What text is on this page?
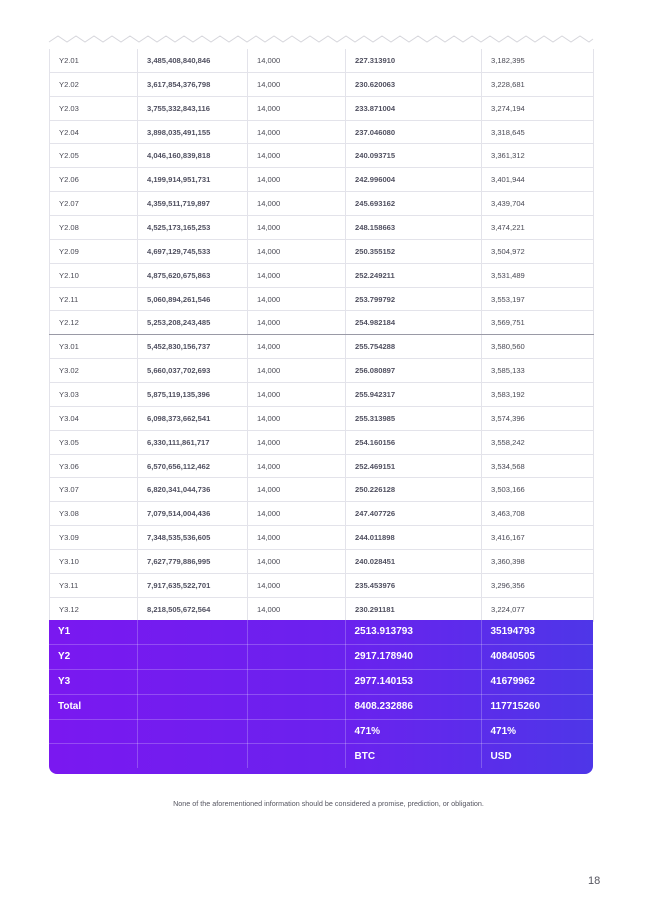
Y2.01	3,485,408,840,846	14,000	227.313910	3,182,395
Y2.02	3,617,854,376,798	14,000	230.620063	3,228,681
Y2.03	3,755,332,843,116	14,000	233.871004	3,274,194
Y2.04	3,898,035,491,155	14,000	237.046080	3,318,645
Y2.05	4,046,160,839,818	14,000	240.093715	3,361,312
Y2.06	4,199,914,951,731	14,000	242.996004	3,401,944
Y2.07	4,359,511,719,897	14,000	245.693162	3,439,704
Y2.08	4,525,173,165,253	14,000	248.158663	3,474,221
Y2.09	4,697,129,745,533	14,000	250.355152	3,504,972
Y2.10	4,875,620,675,863	14,000	252.249211	3,531,489
Y2.11	5,060,894,261,546	14,000	253.799792	3,553,197
Y2.12	5,253,208,243,485	14,000	254.982184	3,569,751
Y3.01	5,452,830,156,737	14,000	255.754288	3,580,560
Y3.02	5,660,037,702,693	14,000	256.080897	3,585,133
Y3.03	5,875,119,135,396	14,000	255.942317	3,583,192
Y3.04	6,098,373,662,541	14,000	255.313985	3,574,396
Y3.05	6,330,111,861,717	14,000	254.160156	3,558,242
Y3.06	6,570,656,112,462	14,000	252.469151	3,534,568
Y3.07	6,820,341,044,736	14,000	250.226128	3,503,166
Y3.08	7,079,514,004,436	14,000	247.407726	3,463,708
Y3.09	7,348,535,536,605	14,000	244.011898	3,416,167
Y3.10	7,627,779,886,995	14,000	240.028451	3,360,398
Y3.11	7,917,635,522,701	14,000	235.453976	3,296,356
Y3.12	8,218,505,672,564	14,000	230.291181	3,224,077
Y1			2513.913793	35194793
Y2			2917.178940	40840505
Y3			2977.140153	41679962
Total			8408.232886	117715260
			471%	471%
			BTC	USD
None of the aforementioned information should be considered a promise, prediction, or obligation.
18
